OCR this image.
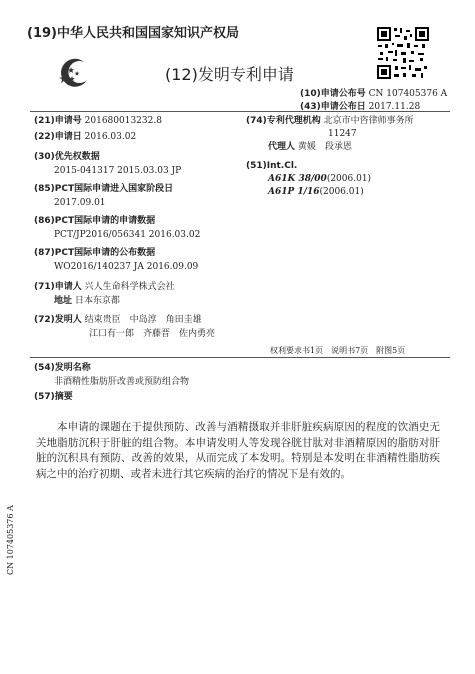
(19)中华人民共和国国家知识产权局
(12)发明专利申请
(10)申请公布号 CN 107405376 A
(43)申请公布日 2017.11.28
(21)申请号 201680013232.8
(22)申请日 2016.03.02
(30)优先权数据
2015-041317 2015.03.03 JP
(85)PCT国际申请进入国家阶段日
2017.09.01
(86)PCT国际申请的申请数据
PCT/JP2016/056341 2016.03.02
(87)PCT国际申请的公布数据
WO2016/140237 JA 2016.09.09
(71)申请人 兴人生命科学株式会社
地址 日本东京都
(72)发明人 结束贵臣　中岛淳　角田圭雄
江口有一郎　齐藤晋　佐内勇亮
(74)专利代理机构 北京市中咨律师事务所
11247
代理人 黄媛　段承恩
(51)Int.Cl.
A61K 38/00(2006.01)
A61P 1/16(2006.01)
权利要求书1页　说明书7页　附图5页
(54)发明名称
非酒精性脂肪肝改善或预防组合物
(57)摘要
本申请的课题在于提供预防、改善与酒精摄取并非肝脏疾病原因的程度的饮酒史无关地脂肪沉积于肝脏的组合物。本申请发明人等发现谷胱甘肽对非酒精原因的脂肪对肝脏的沉积具有预防、改善的效果，从而完成了本发明。特别是本发明在非酒精性脂肪疾病之中的治疗初期、或者未进行其它疾病的治疗的情况下是有效的。
CN 107405376 A
